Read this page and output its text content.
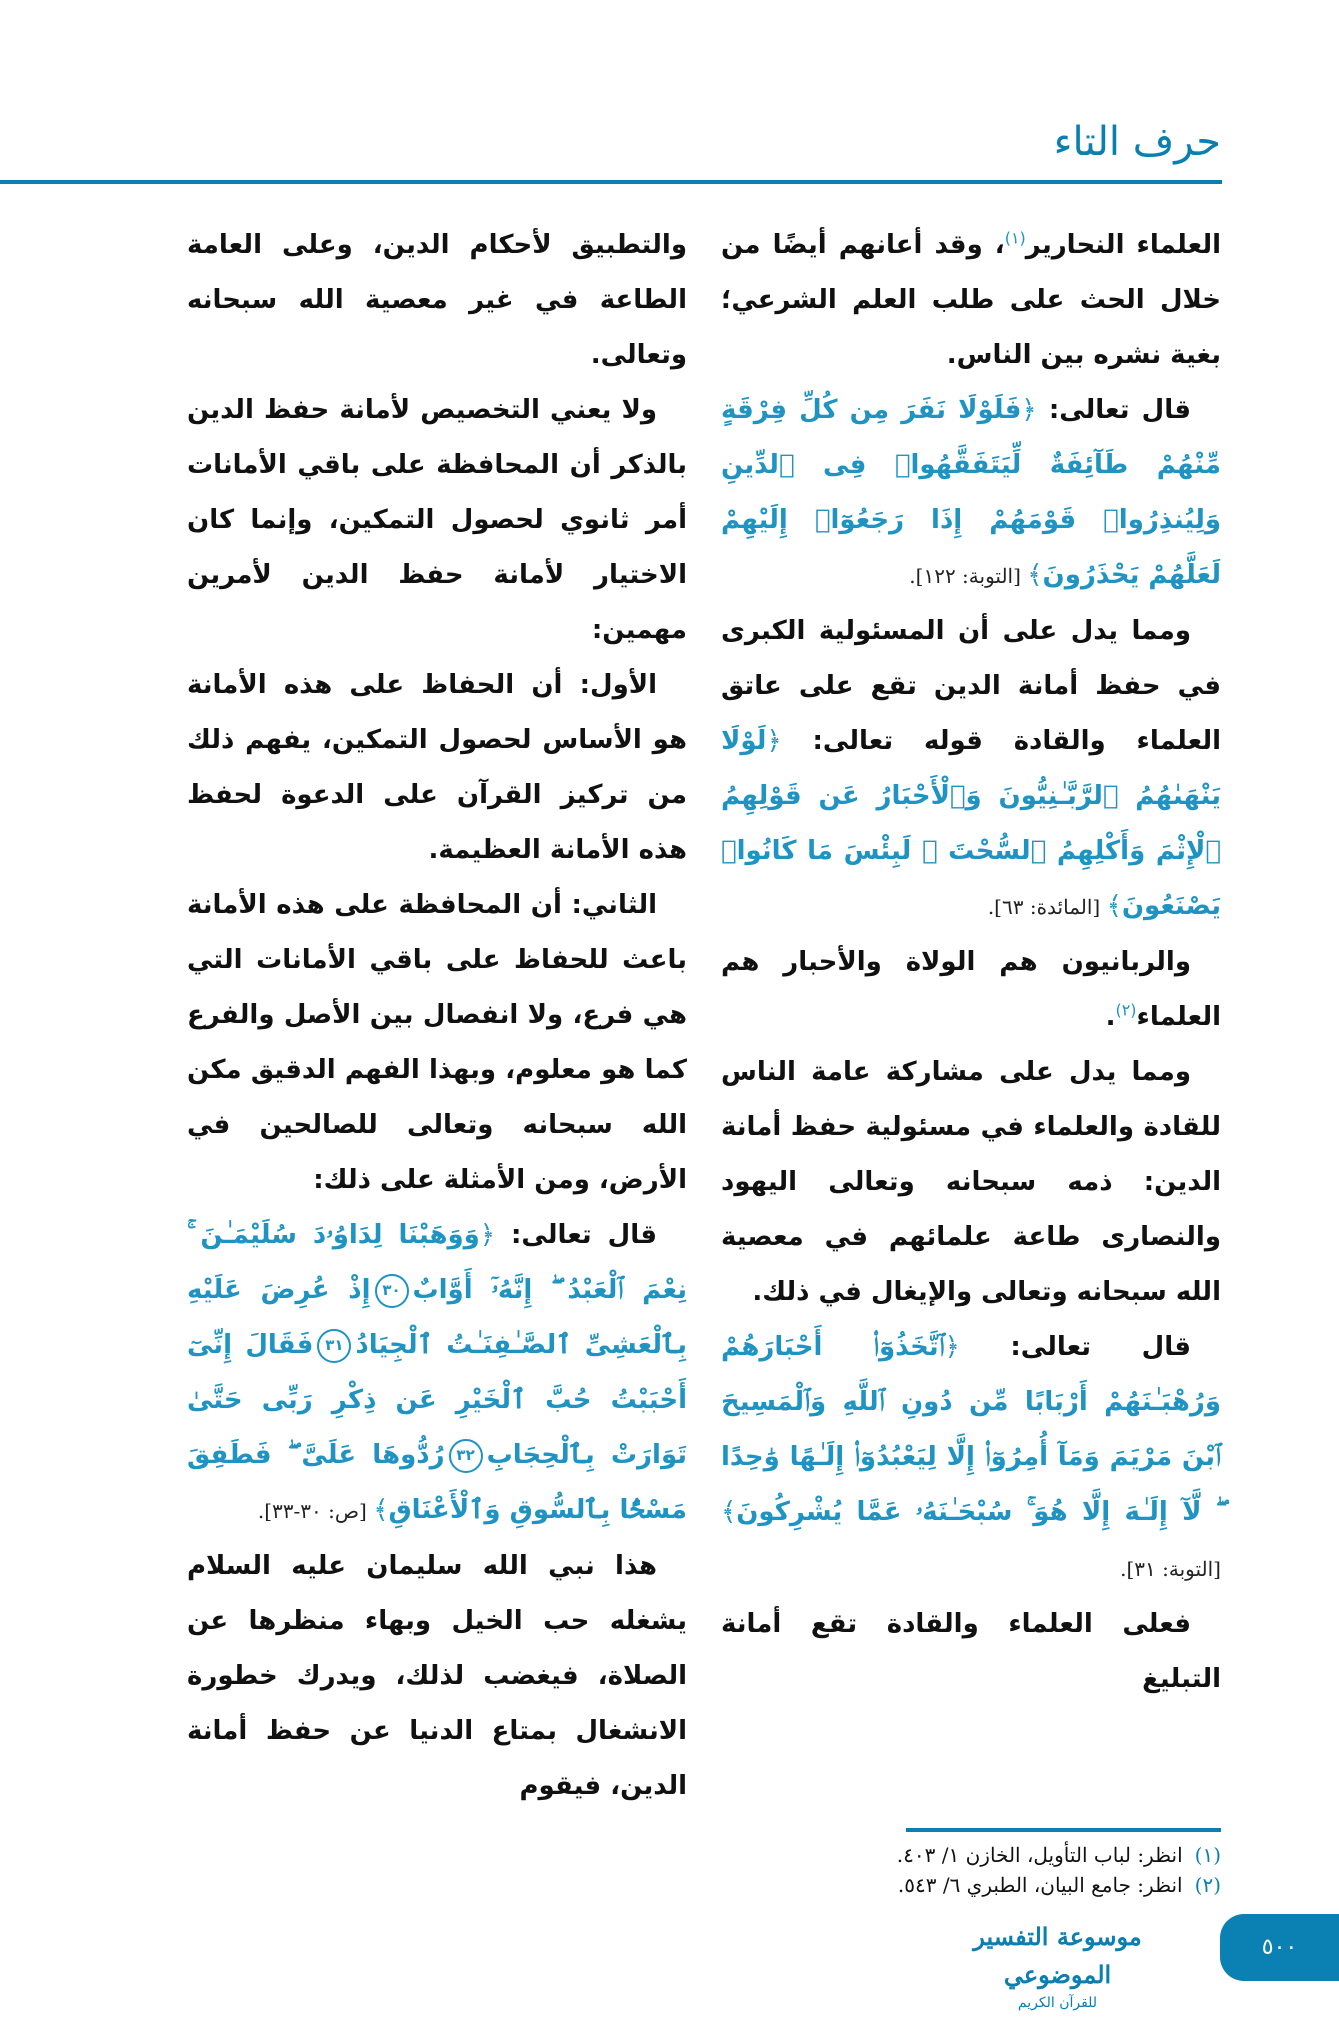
حرف التاء

العلماء النحارير$^{(١)}$، وقد أعانهم أيضًا من خلال الحث على طلب العلم الشرعي؛ بغية نشره بين الناس.

قال تعالى: ﴿فَلَوْلَا نَفَرَ مِن كُلِّ فِرْقَةٍ مِّنْهُمْ طَآئِفَةٌ لِّيَتَفَقَّهُوا۟ فِى ٱلدِّينِ وَلِيُنذِرُوا۟ قَوْمَهُمْ إِذَا رَجَعُوٓا۟ إِلَيْهِمْ لَعَلَّهُمْ يَحْذَرُونَ﴾ [التوبة: ١٢٢].

ومما يدل على أن المسئولية الكبرى في حفظ أمانة الدين تقع على عاتق العلماء والقادة قوله تعالى: ﴿لَوْلَا يَنْهَىٰهُمُ ٱلرَّبَّـٰنِيُّونَ وَٱلْأَحْبَارُ عَن قَوْلِهِمُ ٱلْإِثْمَ وَأَكْلِهِمُ ٱلسُّحْتَ ۚ لَبِئْسَ مَا كَانُوا۟ يَصْنَعُونَ﴾ [المائدة: ٦٣].

والربانيون هم الولاة والأحبار هم العلماء$^{(٢)}$.

ومما يدل على مشاركة عامة الناس للقادة والعلماء في مسئولية حفظ أمانة الدين: ذمه سبحانه وتعالى اليهود والنصارى طاعة علمائهم في معصية الله سبحانه وتعالى والإيغال في ذلك.

قال تعالى: ﴿ٱتَّخَذُوٓا۟ أَحْبَارَهُمْ وَرُهْبَـٰنَهُمْ أَرْبَابًا مِّن دُونِ ٱللَّهِ وَٱلْمَسِيحَ ٱبْنَ مَرْيَمَ وَمَآ أُمِرُوٓا۟ إِلَّا لِيَعْبُدُوٓا۟ إِلَـٰهًا وَٰحِدًا ۖ لَّآ إِلَـٰهَ إِلَّا هُوَ ۚ سُبْحَـٰنَهُۥ عَمَّا يُشْرِكُونَ﴾ [التوبة: ٣١].

فعلى العلماء والقادة تقع أمانة التبليغ

والتطبيق لأحكام الدين، وعلى العامة الطاعة في غير معصية الله سبحانه وتعالى.

ولا يعني التخصيص لأمانة حفظ الدين بالذكر أن المحافظة على باقي الأمانات أمر ثانوي لحصول التمكين، وإنما كان الاختيار لأمانة حفظ الدين لأمرين مهمين:

الأول: أن الحفاظ على هذه الأمانة هو الأساس لحصول التمكين، يفهم ذلك من تركيز القرآن على الدعوة لحفظ هذه الأمانة العظيمة.

الثاني: أن المحافظة على هذه الأمانة باعث للحفاظ على باقي الأمانات التي هي فرع، ولا انفصال بين الأصل والفرع كما هو معلوم، وبهذا الفهم الدقيق مكن الله سبحانه وتعالى للصالحين في الأرض، ومن الأمثلة على ذلك:

قال تعالى: ﴿وَوَهَبْنَا لِدَاوُۥدَ سُلَيْمَـٰنَ ۚ نِعْمَ ٱلْعَبْدُ ۖ إِنَّهُۥٓ أَوَّابٌ٣٠إِذْ عُرِضَ عَلَيْهِ بِٱلْعَشِىِّ ٱلصَّـٰفِنَـٰتُ ٱلْجِيَادُ٣١فَقَالَ إِنِّىٓ أَحْبَبْتُ حُبَّ ٱلْخَيْرِ عَن ذِكْرِ رَبِّى حَتَّىٰ تَوَارَتْ بِٱلْحِجَابِ٣٢رُدُّوهَا عَلَىَّ ۖ فَطَفِقَ مَسْحًۢا بِٱلسُّوقِ وَٱلْأَعْنَاقِ﴾ [ص: ٣٠-٣٣].

هذا نبي الله سليمان عليه السلام يشغله حب الخيل وبهاء منظرها عن الصلاة، فيغضب لذلك، ويدرك خطورة الانشغال بمتاع الدنيا عن حفظ أمانة الدين، فيقوم

(١)انظر: لباب التأويل، الخازن ١/ ٤٠٣.

(٢)انظر: جامع البيان، الطبري ٦/ ٥٤٣.

موسوعة التفسير الموضوعي
للقرآن الكريم
٥٠٠
